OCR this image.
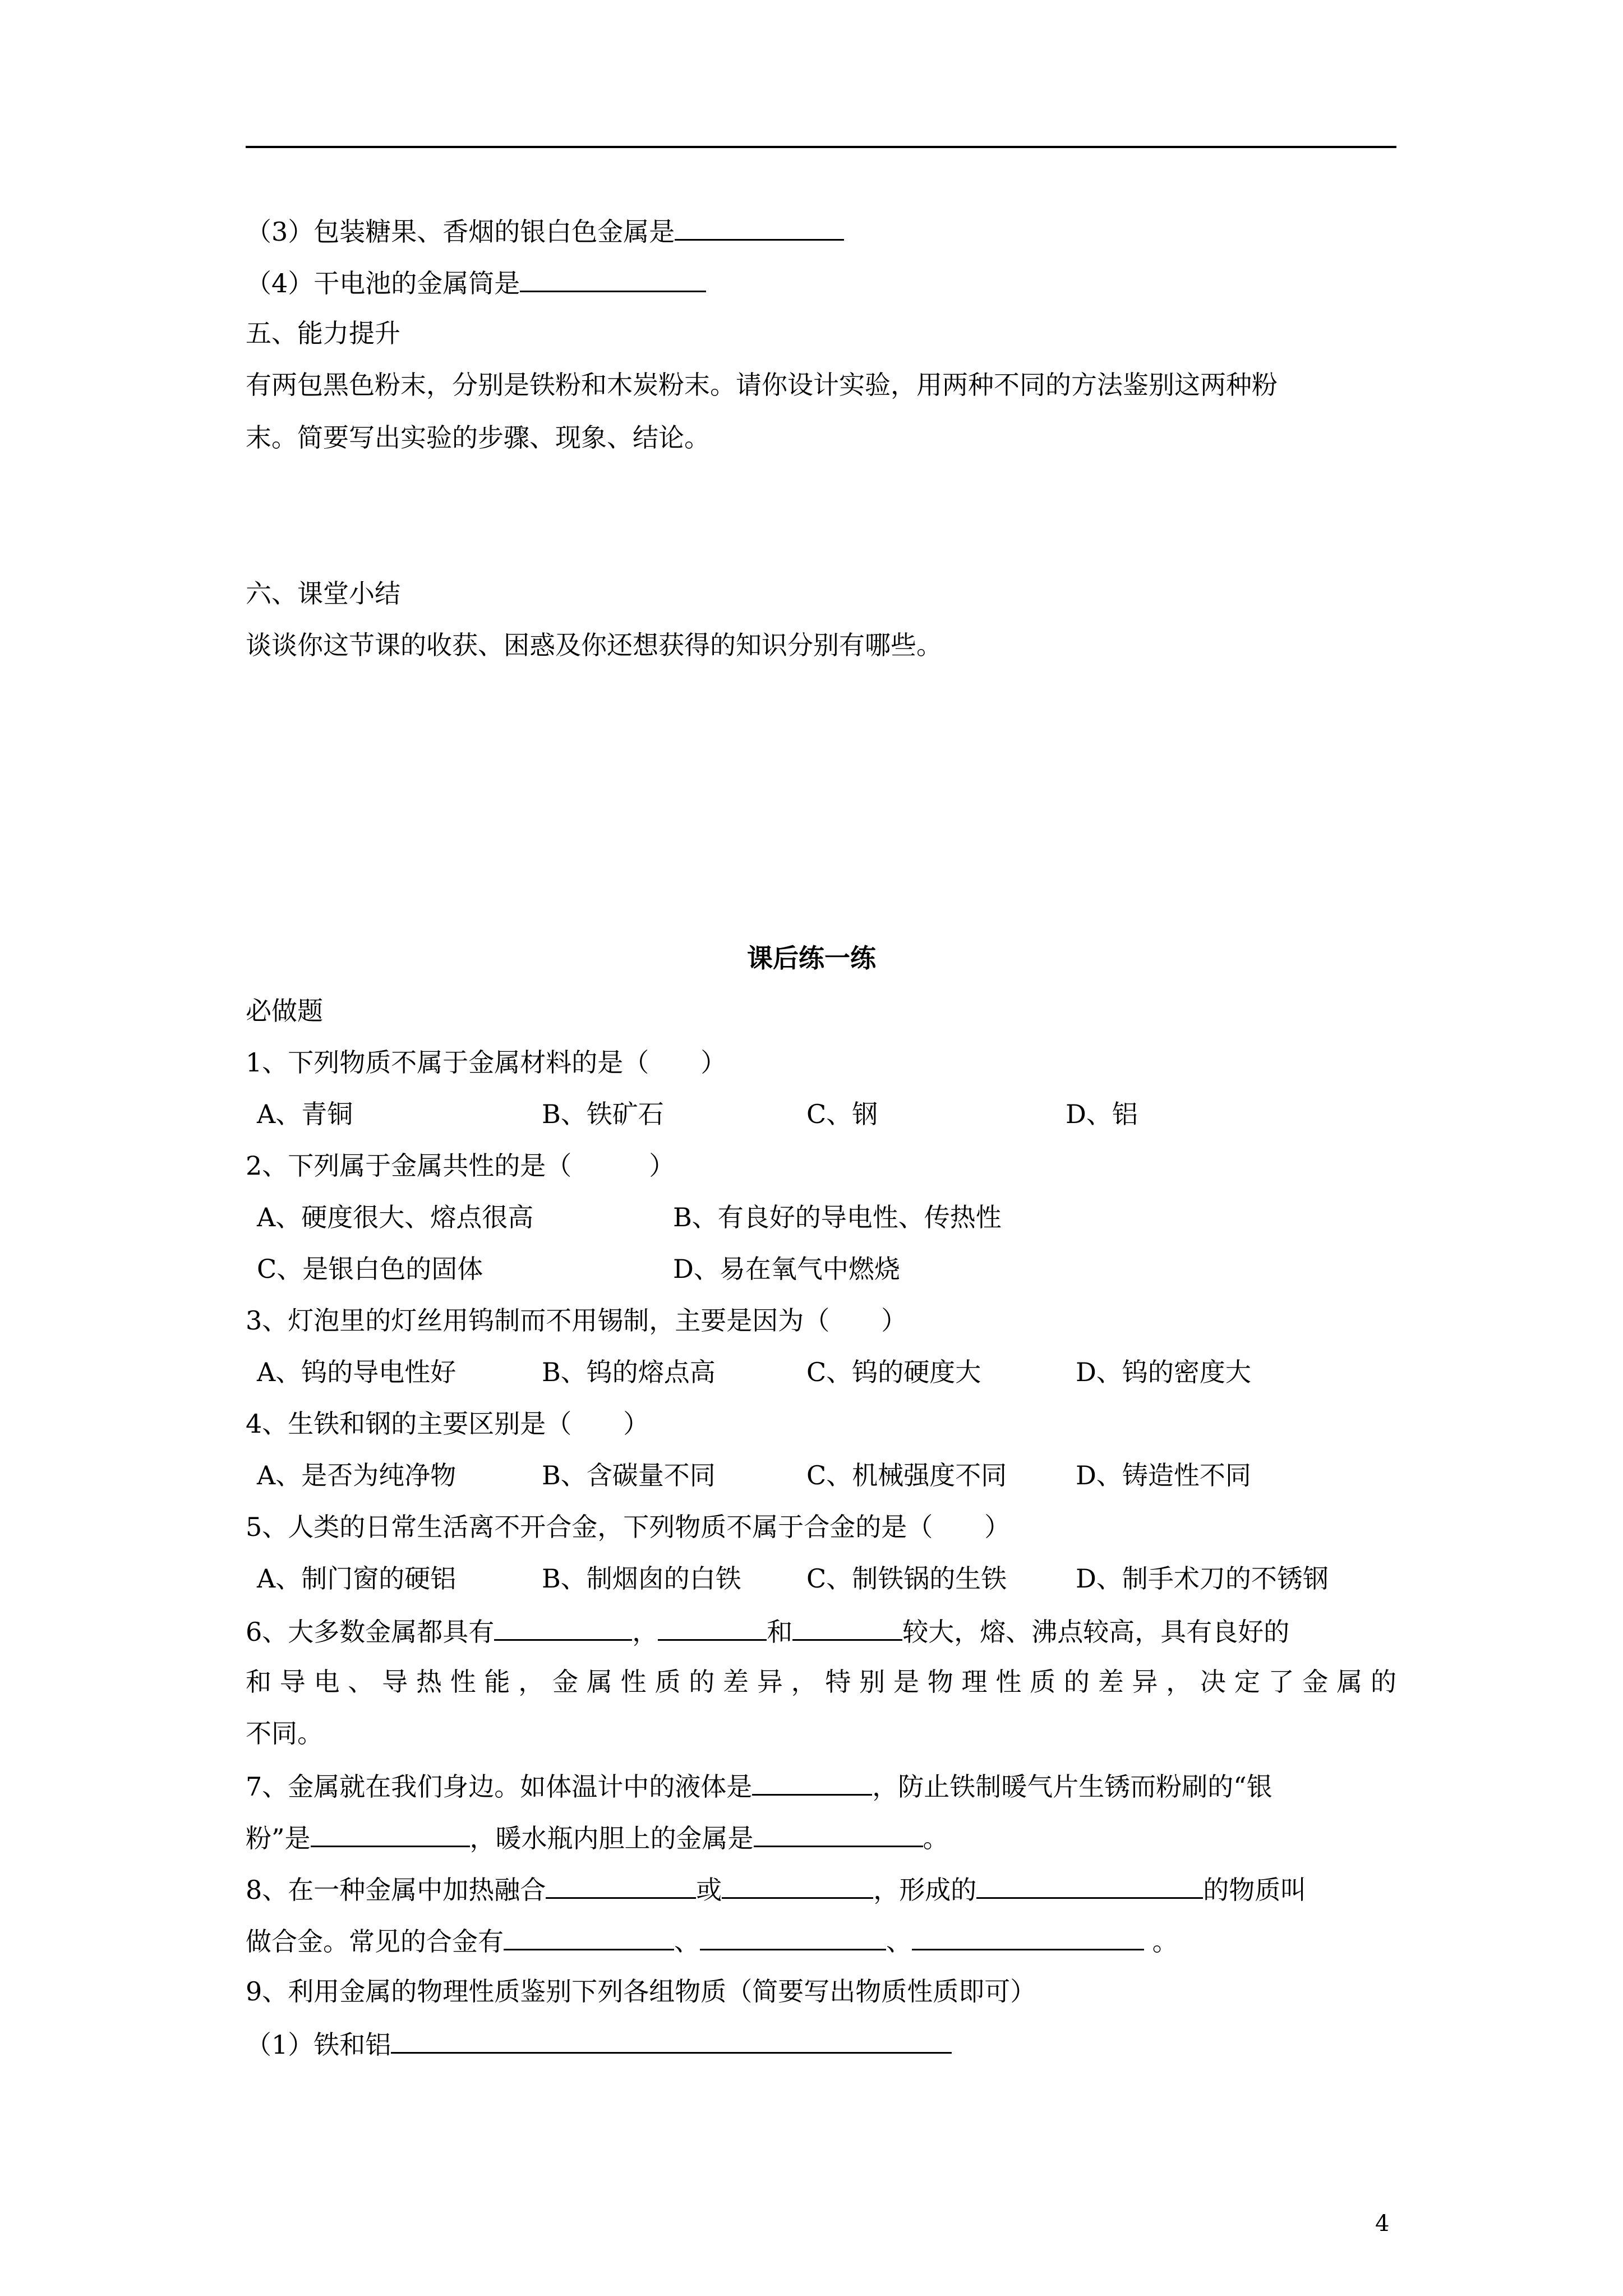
（3）包装糖果、香烟的银白色金属是
（4）干电池的金属筒是
五、能力提升
有两包黑色粉末，分别是铁粉和木炭粉末。请你设计实验，用两种不同的方法鉴别这两种粉
末。简要写出实验的步骤、现象、结论。
六、课堂小结
谈谈你这节课的收获、困惑及你还想获得的知识分别有哪些。
课后练一练
必做题
1、下列物质不属于金属材料的是（　　）
A、青铜	B、铁矿石	C、钢	D、铝
2、下列属于金属共性的是（　　　）
A、硬度很大、熔点很高	B、有良好的导电性、传热性
C、是银白色的固体	D、易在氧气中燃烧
3、灯泡里的灯丝用钨制而不用锡制，主要是因为（　　）
A、钨的导电性好	B、钨的熔点高	C、钨的硬度大	D、钨的密度大
4、生铁和钢的主要区别是（　　）
A、是否为纯净物	B、含碳量不同	C、机械强度不同	D、铸造性不同
5、人类的日常生活离不开合金，下列物质不属于合金的是（　　）
A、制门窗的硬铝	B、制烟囱的白铁	C、制铁锅的生铁	D、制手术刀的不锈钢
6、大多数金属都具有	，	和	较大，熔、沸点较高，具有良好的
和导电、导热性能，金属性质的差异，特别是物理性质的差异，决定了金属的
不同。
7、金属就在我们身边。如体温计中的液体是	，防止铁制暖气片生锈而粉刷的“银
粉”是	，暖水瓶内胆上的金属是	。
8、在一种金属中加热融合	或	，形成的	的物质叫
做合金。常见的合金有	、	、	。
9、利用金属的物理性质鉴别下列各组物质（简要写出物质性质即可）
（1）铁和铝
4
